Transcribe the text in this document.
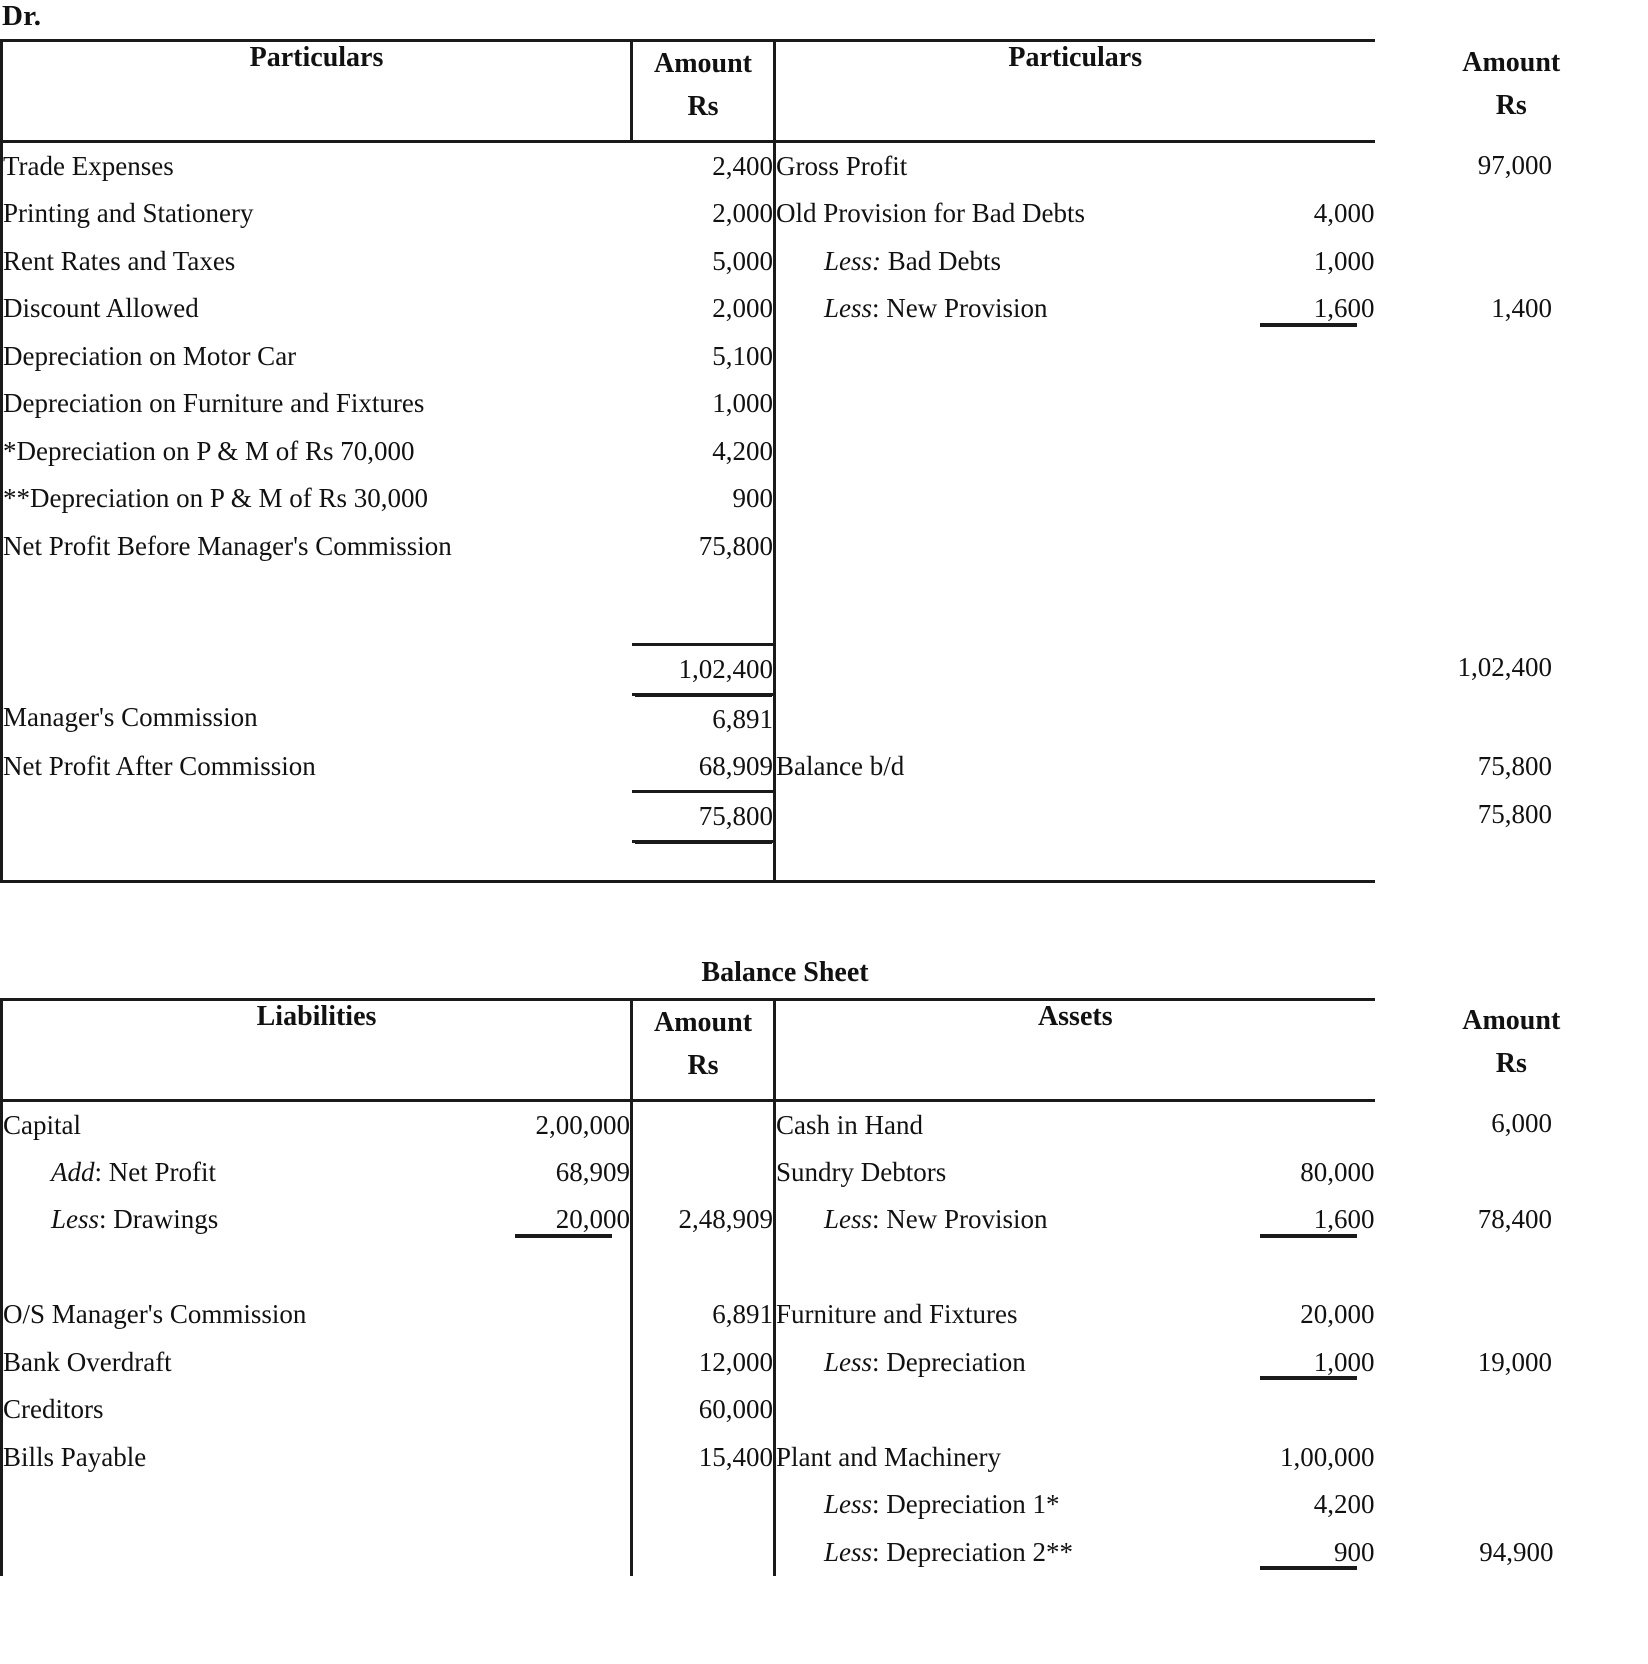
Dr.
Particulars	Amount
Rs
	Particulars	Amount
Rs

Trade Expenses	2,400	Gross Profit		97,000
Printing and Stationery	2,000	Old Provision for Bad Debts	4,000	
Rent Rates and Taxes	5,000	Less: Bad Debts	1,000	
Discount Allowed	2,000	Less: New Provision	1,600	1,400
Depreciation on Motor Car	5,100			
Depreciation on Furniture and Fixtures	1,000			
*Depreciation on P & M of Rs 70,000	4,200			
**Depreciation on P & M of Rs 30,000	900			
Net Profit Before Manager's Commission	75,800			

	1,02,400			1,02,400
Manager's Commission	6,891			
Net Profit After Commission	68,909	Balance b/d		75,800
	75,800			75,800

Balance Sheet
Liabilities	Amount
Rs
	Assets	Amount
Rs

Capital	2,00,000		Cash in Hand		6,000
Add: Net Profit	68,909		Sundry Debtors	80,000	
Less: Drawings	20,000	2,48,909	Less: New Provision	1,600	78,400

O/S Manager's Commission		6,891	Furniture and Fixtures	20,000	
Bank Overdraft		12,000	Less: Depreciation	1,000	19,000
Creditors		60,000			
Bills Payable		15,400	Plant and Machinery	1,00,000	
			Less: Depreciation 1*	4,200	
			Less: Depreciation 2**	900	94,900
